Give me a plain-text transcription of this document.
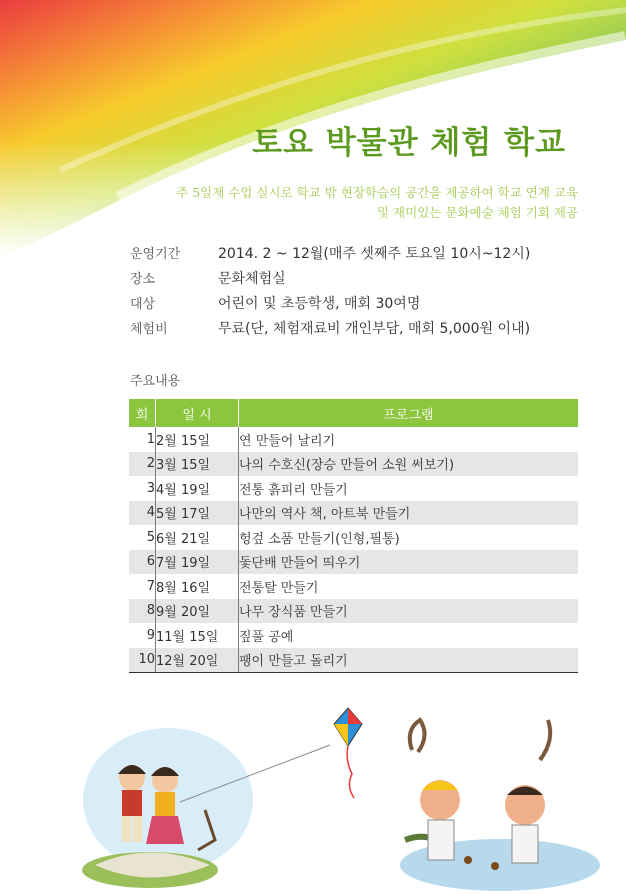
토요 박물관 체험 학교
주 5일제 수업 실시로 학교 밖 현장학습의 공간을 제공하여 학교 연계 교육
및 재미있는 문화예술 체험 기회 제공
운영기간	2014. 2 ~ 12월(매주 셋째주 토요일 10시~12시)
장소	문화체험실
대상	어린이 및 초등학생, 매회 30여명
체험비	무료(단, 체험재료비 개인부담, 매회 5,000원 이내)
주요내용
회	일 시	프로그램
1	2월 15일	연 만들어 날리기
2	3월 15일	나의 수호신(장승 만들어 소원 써보기)
3	4월 19일	전통 흙피리 만들기
4	5월 17일	나만의 역사 책, 아트북 만들기
5	6월 21일	헝겊 소품 만들기(인형,필통)
6	7월 19일	돛단배 만들어 띄우기
7	8월 16일	전통탈 만들기
8	9월 20일	나무 장식품 만들기
9	11월 15일	짚풀 공예
10	12월 20일	팽이 만들고 돌리기
